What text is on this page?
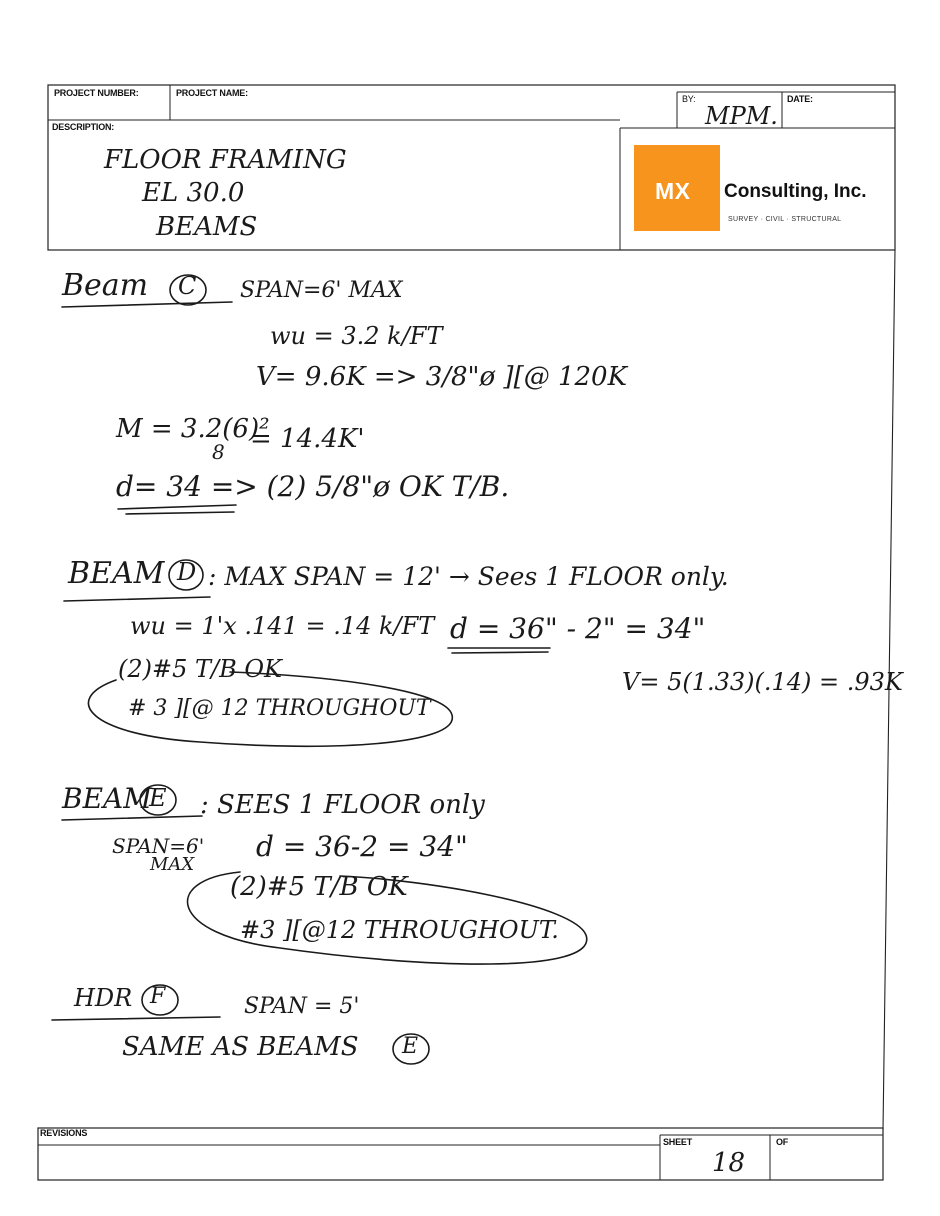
PROJECT NUMBER:	PROJECT NAME:
BY:
MPM.
DATE:
DESCRIPTION:
FLOOR FRAMING
EL 30.0
BEAMS
MXP Consulting, Inc.
SURVEY · CIVIL · STRUCTURAL
Beam C SPAN=6' MAX
wu = 3.2 k/FT
V= 9.6K => 3/8"ø ][@ 120K
M = 3.2(6)²
8 = 14.4K'
d= 34 => (2) 5/8"ø OK T/B.
BEAM D : MAX SPAN = 12' → Sees 1 FLOOR only.
wu = 1'x .141 = .14 k/FT d = 36" - 2" = 34"
(2)#5 T/B OK
# 3 ][@ 12 THROUGHOUT
V= 5(1.33)(.14) = .93K
BEAM
E : SEES 1 FLOOR only
SPAN=6'
MAX
d = 36-2 = 34"
(2)#5 T/B OK
#3 ][@12 THROUGHOUT.
HDR F	SPAN = 5'
SAME AS BEAMS E
REVISIONS
SHEET
18
OF
